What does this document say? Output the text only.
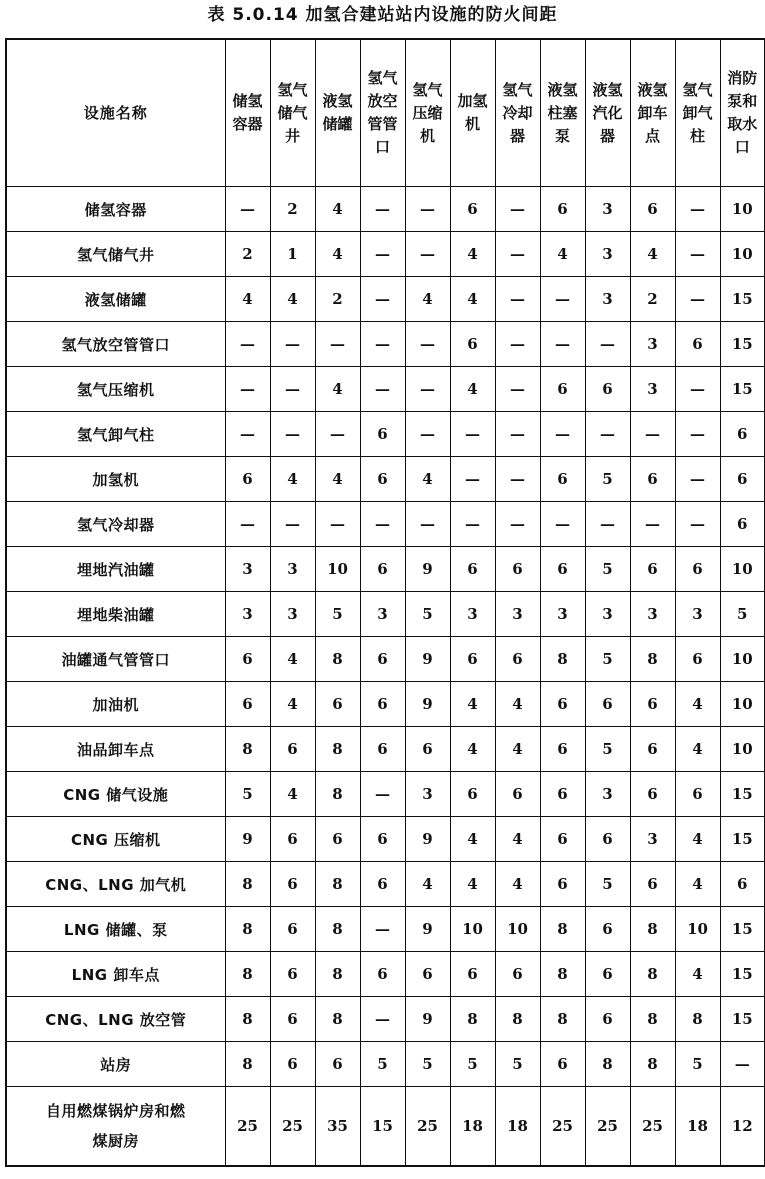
表 5.0.14 加氢合建站站内设施的防火间距
设施名称	储氢容器	氢气储气井	液氢储罐	氢气放空管管口	氢气压缩机	加氢机	氢气冷却器	液氢柱塞泵	液氢汽化器	液氢卸车点	氢气卸气柱	消防泵和取水口
储氢容器	—	2	4	—	—	6	—	6	3	6	—	10
氢气储气井	2	1	4	—	—	4	—	4	3	4	—	10
液氢储罐	4	4	2	—	4	4	—	—	3	2	—	15
氢气放空管管口	—	—	—	—	—	6	—	—	—	3	6	15
氢气压缩机	—	—	4	—	—	4	—	6	6	3	—	15
氢气卸气柱	—	—	—	6	—	—	—	—	—	—	—	6
加氢机	6	4	4	6	4	—	—	6	5	6	—	6
氢气冷却器	—	—	—	—	—	—	—	—	—	—	—	6
埋地汽油罐	3	3	10	6	9	6	6	6	5	6	6	10
埋地柴油罐	3	3	5	3	5	3	3	3	3	3	3	5
油罐通气管管口	6	4	8	6	9	6	6	8	5	8	6	10
加油机	6	4	6	6	9	4	4	6	6	6	4	10
油品卸车点	8	6	8	6	6	4	4	6	5	6	4	10
CNG 储气设施	5	4	8	—	3	6	6	6	3	6	6	15
CNG 压缩机	9	6	6	6	9	4	4	6	6	3	4	15
CNG、LNG 加气机	8	6	8	6	4	4	4	6	5	6	4	6
LNG 储罐、泵	8	6	8	—	9	10	10	8	6	8	10	15
LNG 卸车点	8	6	8	6	6	6	6	8	6	8	4	15
CNG、LNG 放空管	8	6	8	—	9	8	8	8	6	8	8	15
站房	8	6	6	5	5	5	5	6	8	8	5	—
自用燃煤锅炉房和燃煤厨房	25	25	35	15	25	18	18	25	25	25	18	12
